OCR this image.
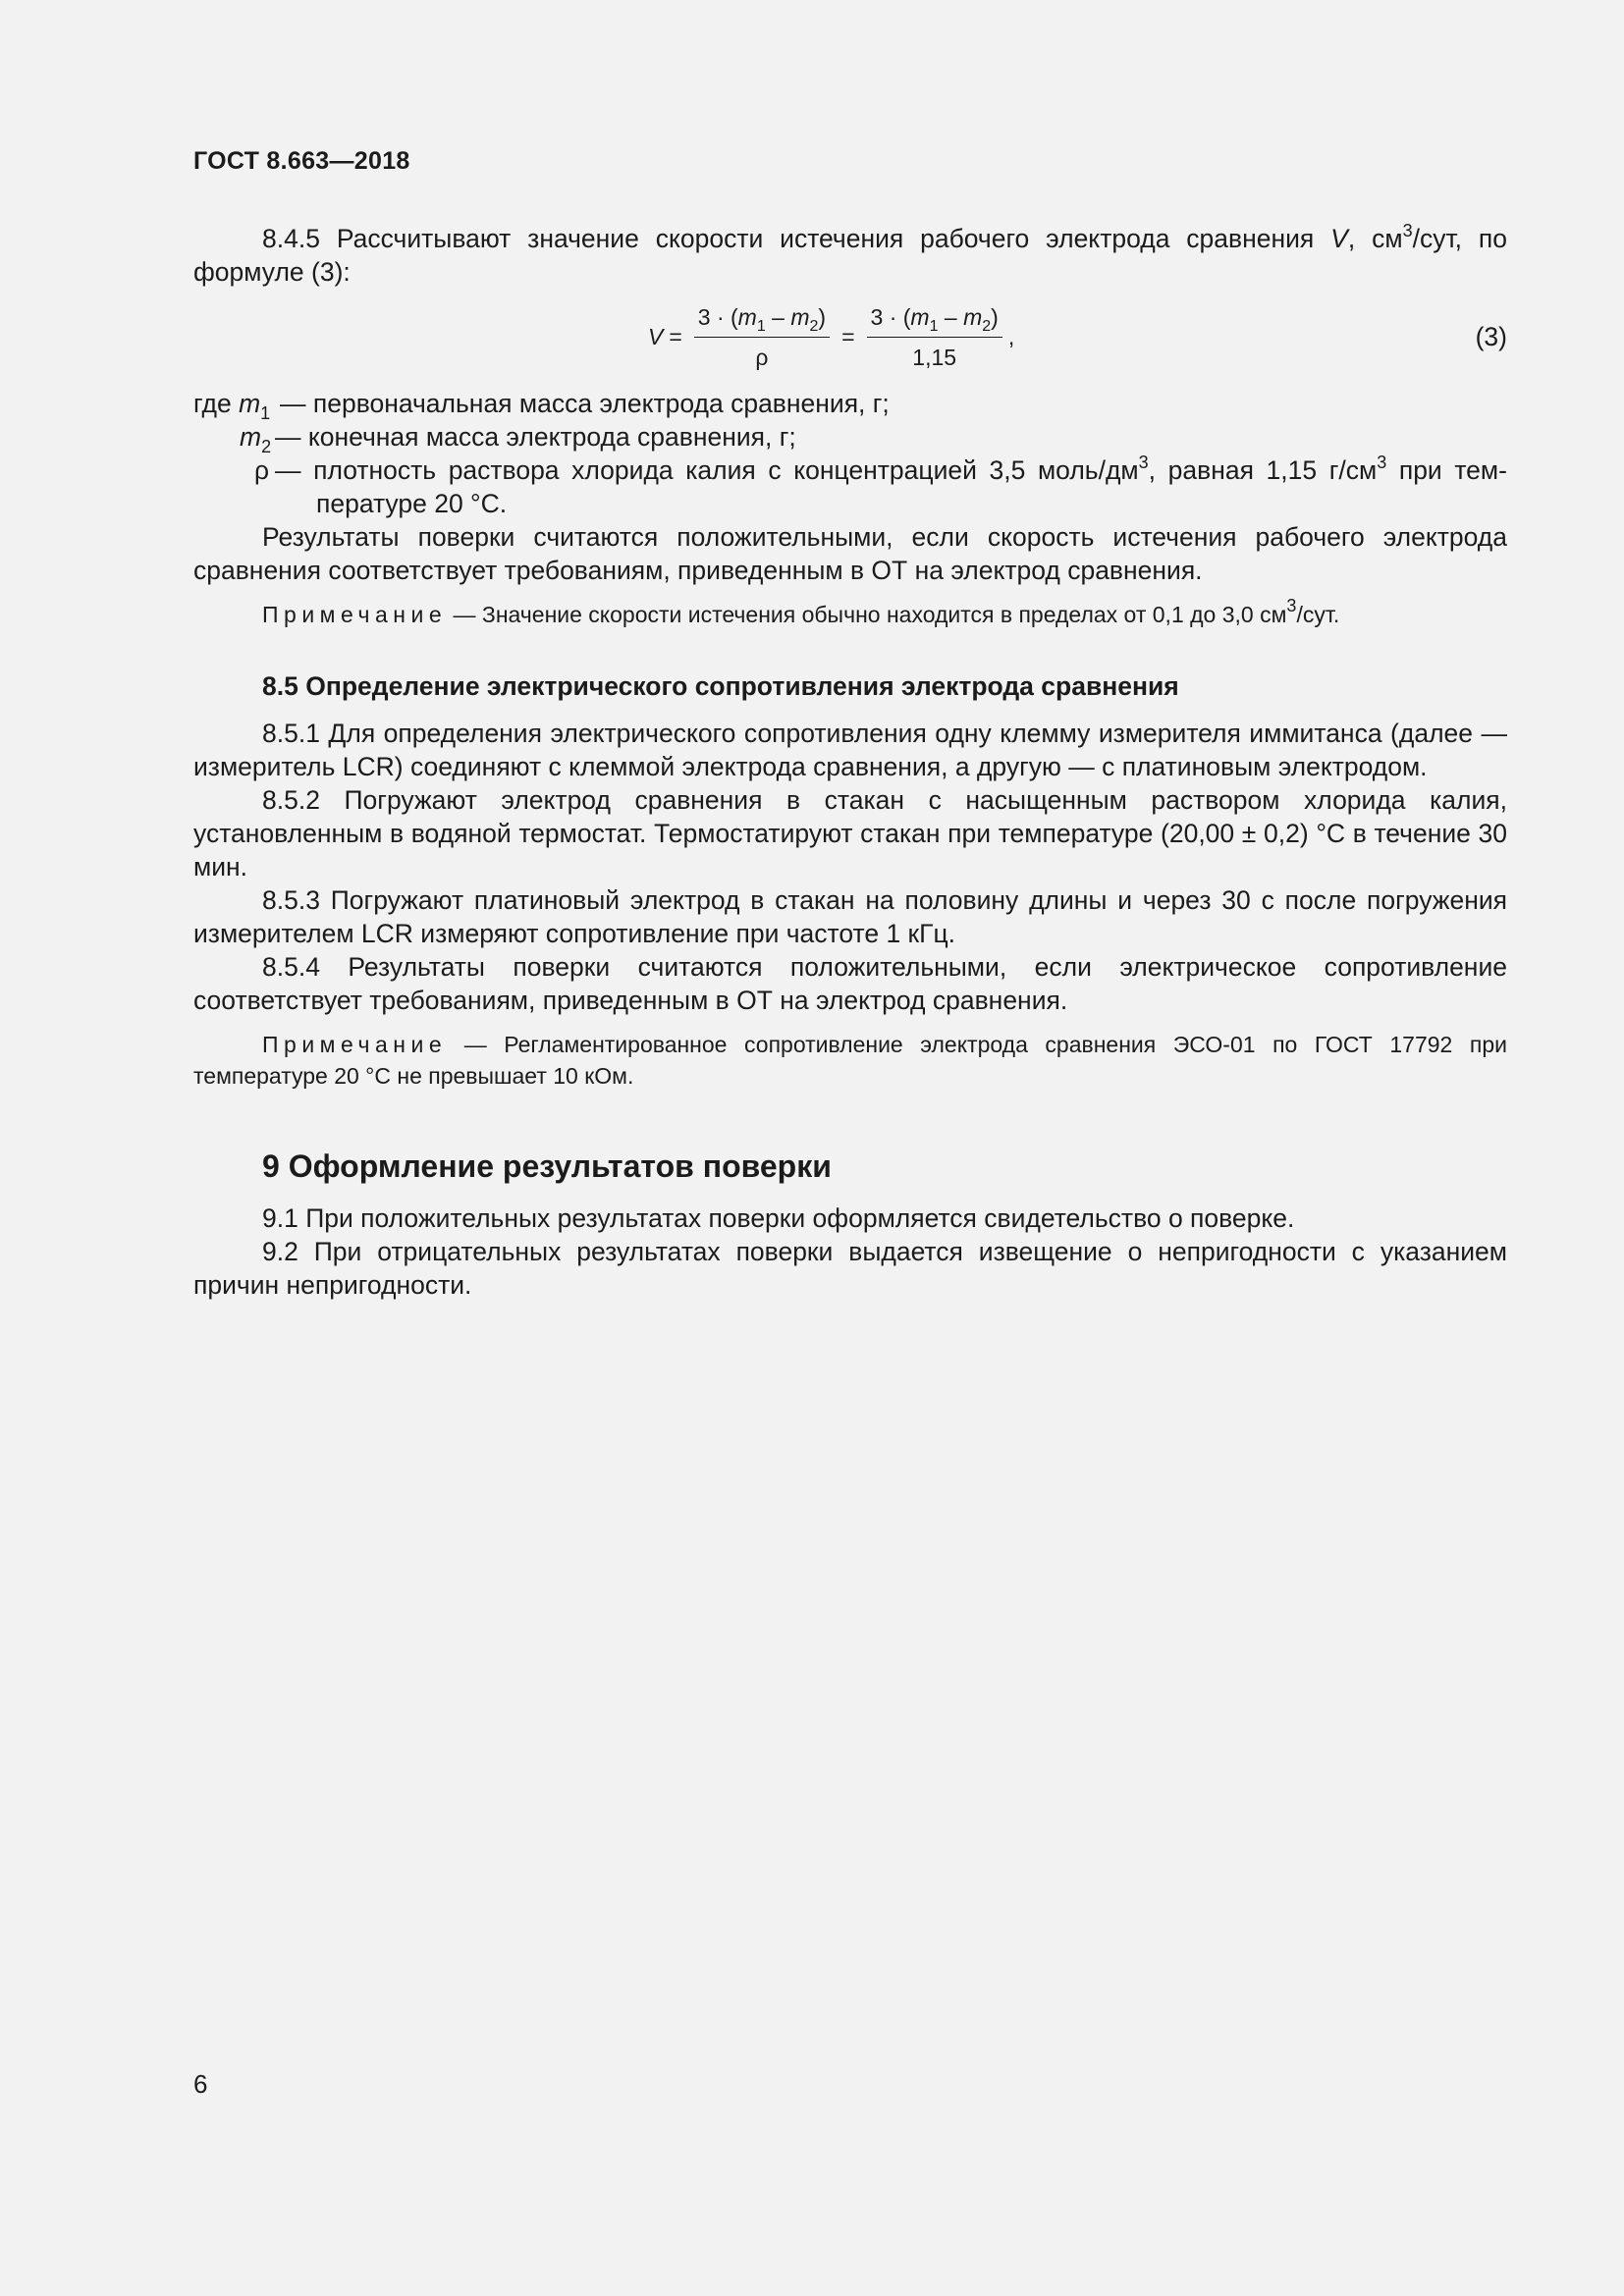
ГОСТ 8.663—2018

8.4.5 Рассчитывают значение скорости истечения рабочего электрода сравнения V, $см^3$/сут, по формуле (3):

$V = \frac{3 \cdot (m_1 - m_2)}{\rho} = \frac{3 \cdot (m_1 - m_2)}{1,15}$ ,	(3)
где $m_1$ — первоначальная масса электрода сравнения, г;
$m_2$ — конечная масса электрода сравнения, г;
ρ — плотность раствора хлорида калия с концентрацией 3,5 моль/$дм^3$, равная 1,15 $г/см^3$ при тем-
пературе 20 °С.

Результаты поверки считаются положительными, если скорость истечения рабочего электрода сравнения соответствует требованиям, приведенным в ОТ на электрод сравнения.

Примечание — Значение скорости истечения обычно находится в пределах от 0,1 до 3,0 $см^3$/сут.

8.5 Определение электрического сопротивления электрода сравнения

8.5.1 Для определения электрического сопротивления одну клемму измерителя иммитанса (далее — измеритель LCR) соединяют с клеммой электрода сравнения, а другую — с платиновым электродом.

8.5.2 Погружают электрод сравнения в стакан с насыщенным раствором хлорида калия, установленным в водяной термостат. Термостатируют стакан при температуре (20,00 ± 0,2) °С в течение 30 мин.

8.5.3 Погружают платиновый электрод в стакан на половину длины и через 30 с после погружения измерителем LCR измеряют сопротивление при частоте 1 кГц.

8.5.4 Результаты поверки считаются положительными, если электрическое сопротивление соответствует требованиям, приведенным в ОТ на электрод сравнения.

Примечание — Регламентированное сопротивление электрода сравнения ЭСО-01 по ГОСТ 17792 при температуре 20 °С не превышает 10 кОм.

9 Оформление результатов поверки

9.1 При положительных результатах поверки оформляется свидетельство о поверке.

9.2 При отрицательных результатах поверки выдается извещение о непригодности с указанием причин непригодности.

6
